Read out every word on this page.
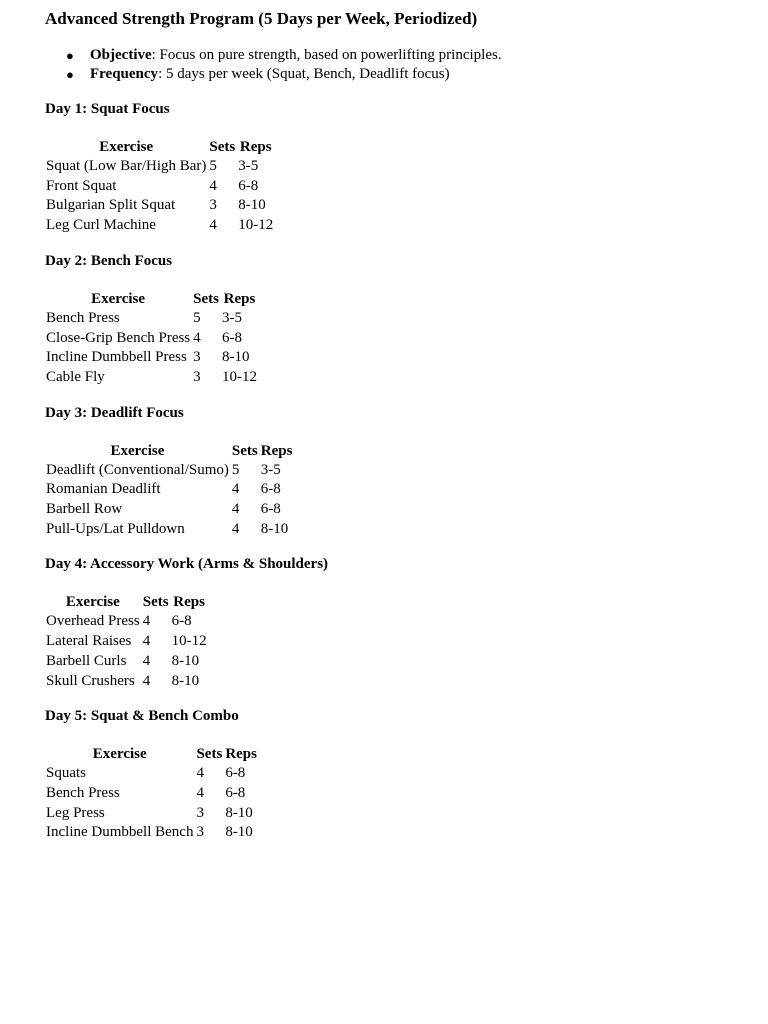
Advanced Strength Program (5 Days per Week, Periodized)
● Objective: Focus on pure strength, based on powerlifting principles.
● Frequency: 5 days per week (Squat, Bench, Deadlift focus)
Day 1: Squat Focus
Exercise	Sets	Reps
Squat (Low Bar/High Bar)	5	3-5
Front Squat	4	6-8
Bulgarian Split Squat	3	8-10
Leg Curl Machine	4	10-12
Day 2: Bench Focus
Exercise	Sets	Reps
Bench Press	5	3-5
Close-Grip Bench Press	4	6-8
Incline Dumbbell Press	3	8-10
Cable Fly	3	10-12
Day 3: Deadlift Focus
Exercise	Sets	Reps
Deadlift (Conventional/Sumo)	5	3-5
Romanian Deadlift	4	6-8
Barbell Row	4	6-8
Pull-Ups/Lat Pulldown	4	8-10
Day 4: Accessory Work (Arms & Shoulders)
Exercise	Sets	Reps
Overhead Press	4	6-8
Lateral Raises	4	10-12
Barbell Curls	4	8-10
Skull Crushers	4	8-10
Day 5: Squat & Bench Combo
Exercise	Sets	Reps
Squats	4	6-8
Bench Press	4	6-8
Leg Press	3	8-10
Incline Dumbbell Bench	3	8-10
